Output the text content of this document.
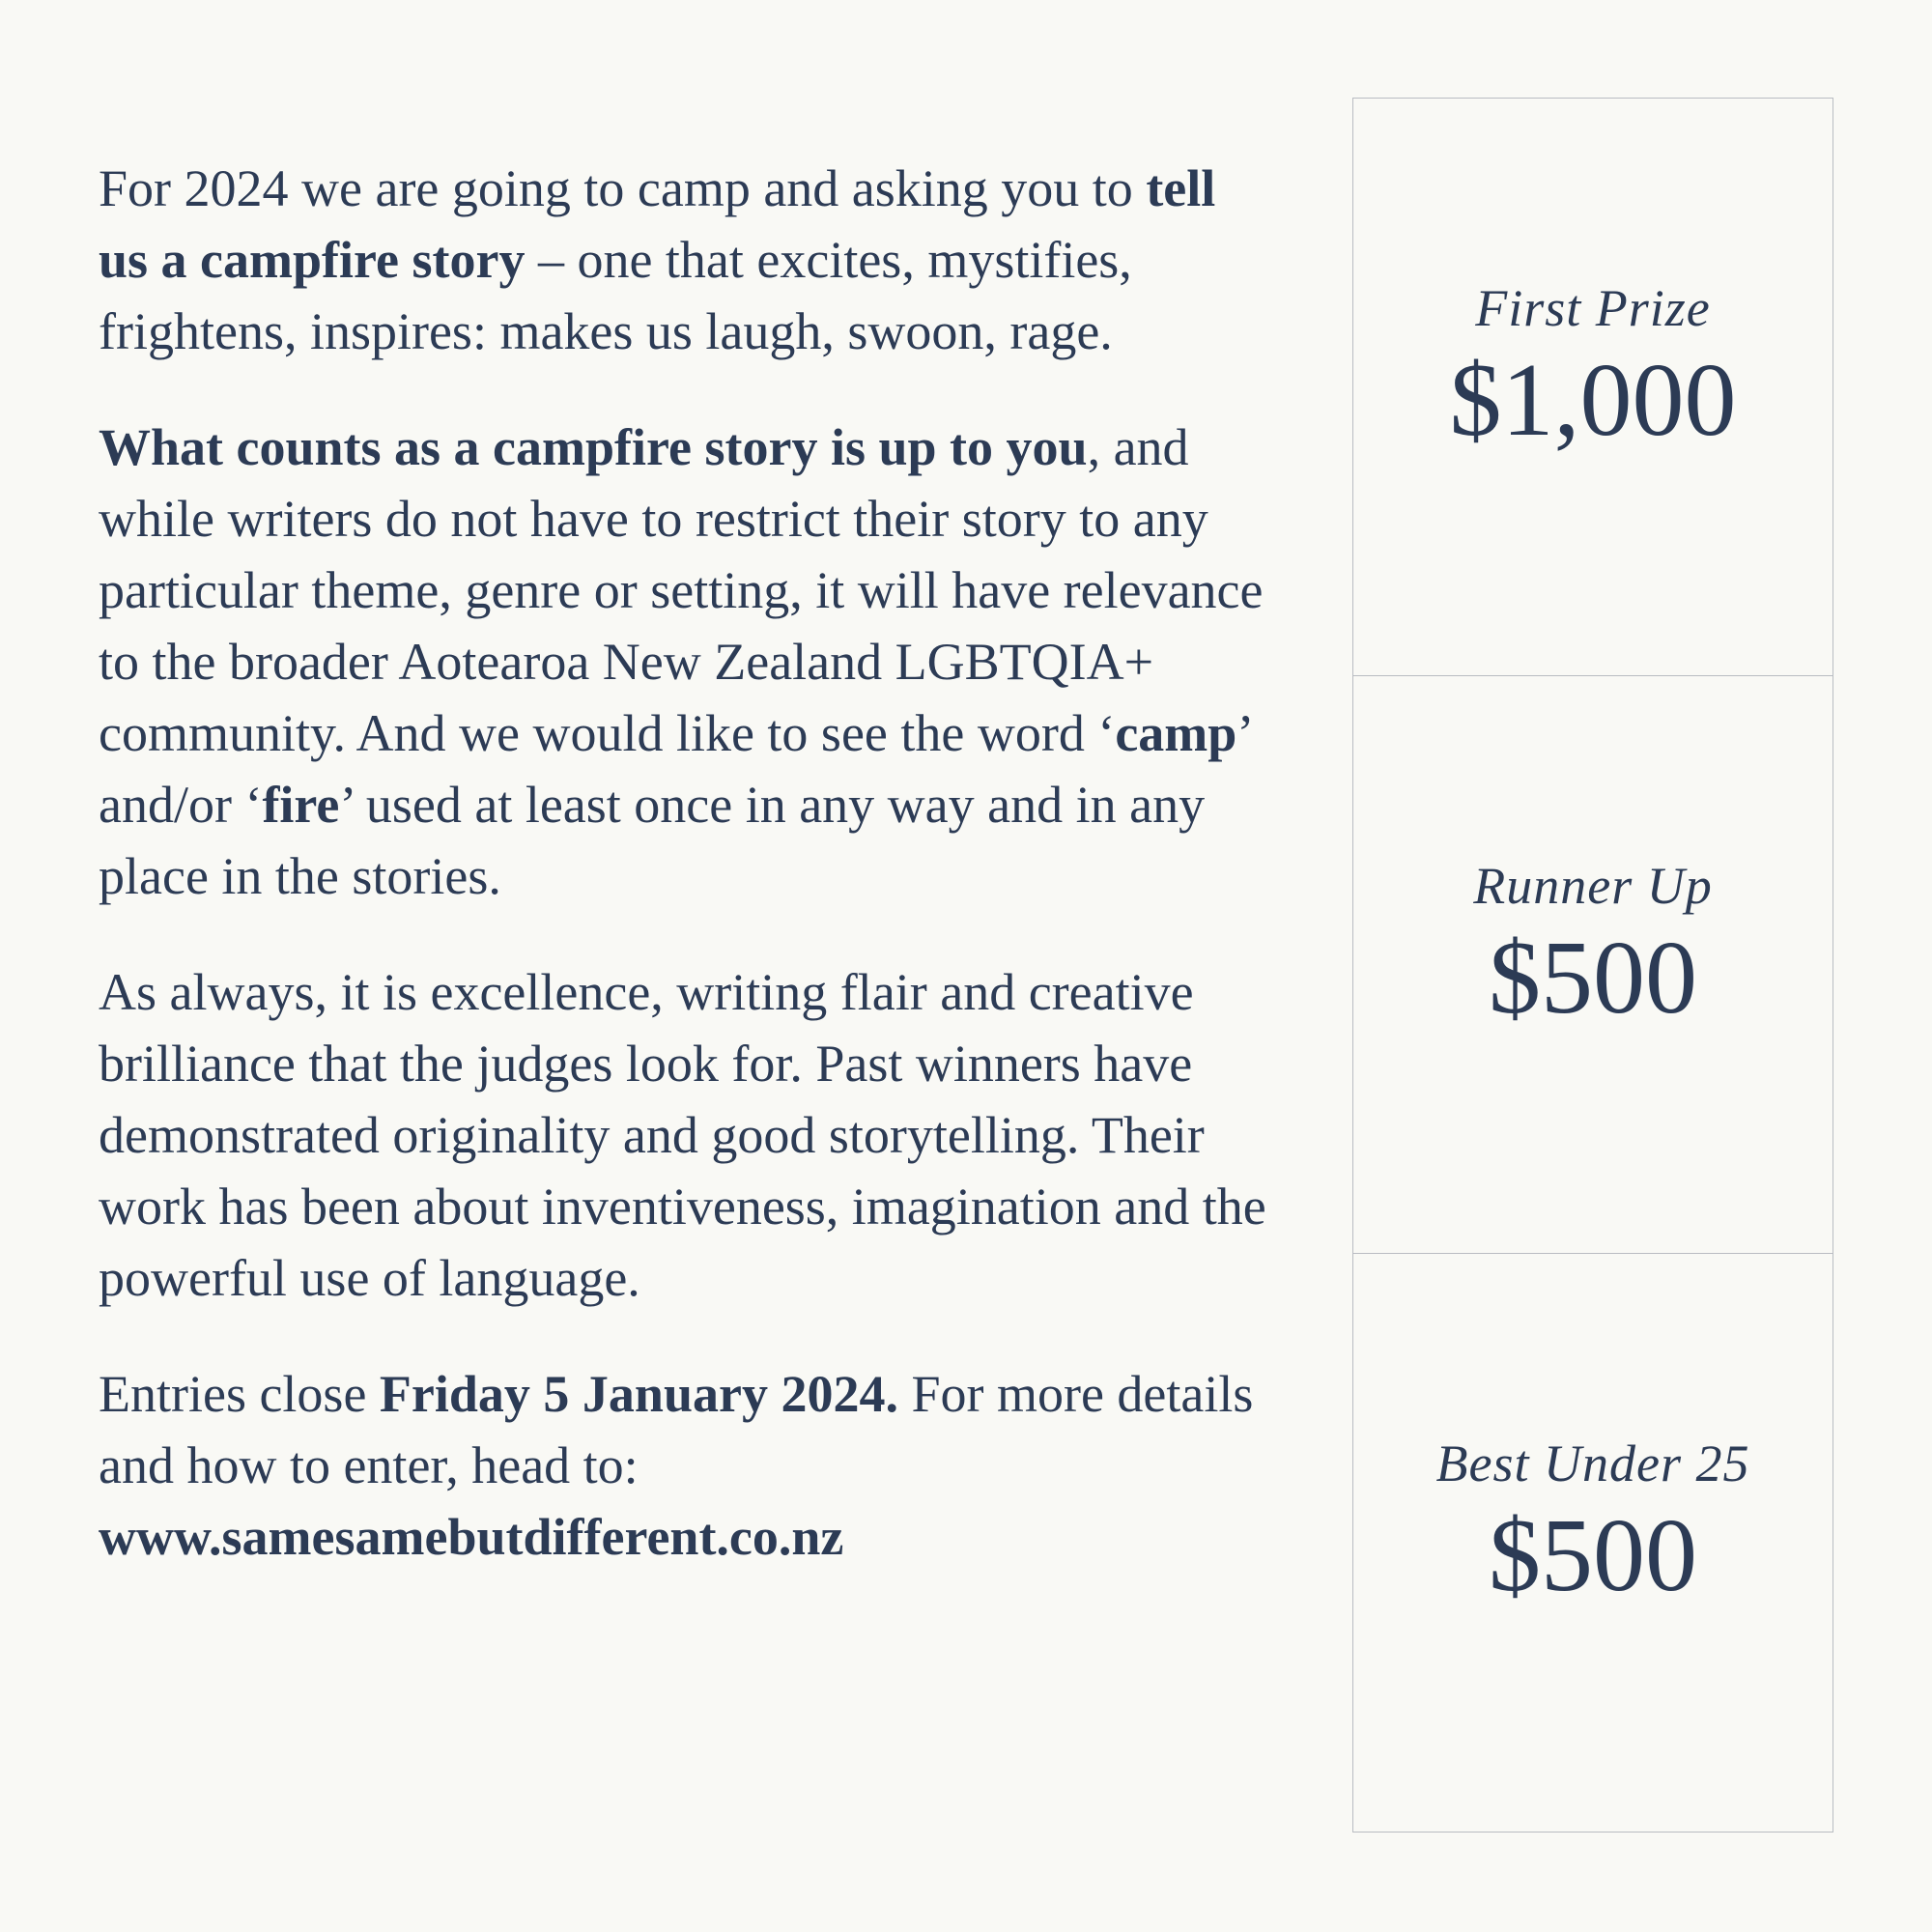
For 2024 we are going to camp and asking you to tell us a campfire story – one that excites, mystifies, frightens, inspires: makes us laugh, swoon, rage.

What counts as a campfire story is up to you, and while writers do not have to restrict their story to any particular theme, genre or setting, it will have relevance to the broader Aotearoa New Zealand LGBTQIA+ community. And we would like to see the word ‘camp’ and/or ‘fire’ used at least once in any way and in any place in the stories.

As always, it is excellence, writing flair and creative brilliance that the judges look for. Past winners have demonstrated originality and good storytelling. Their work has been about inventiveness, imagination and the powerful use of language.

Entries close Friday 5 January 2024. For more details and how to enter, head to:
www.samesamebutdifferent.co.nz

First Prize
$1,000
Runner Up
$500
Best Under 25
$500
